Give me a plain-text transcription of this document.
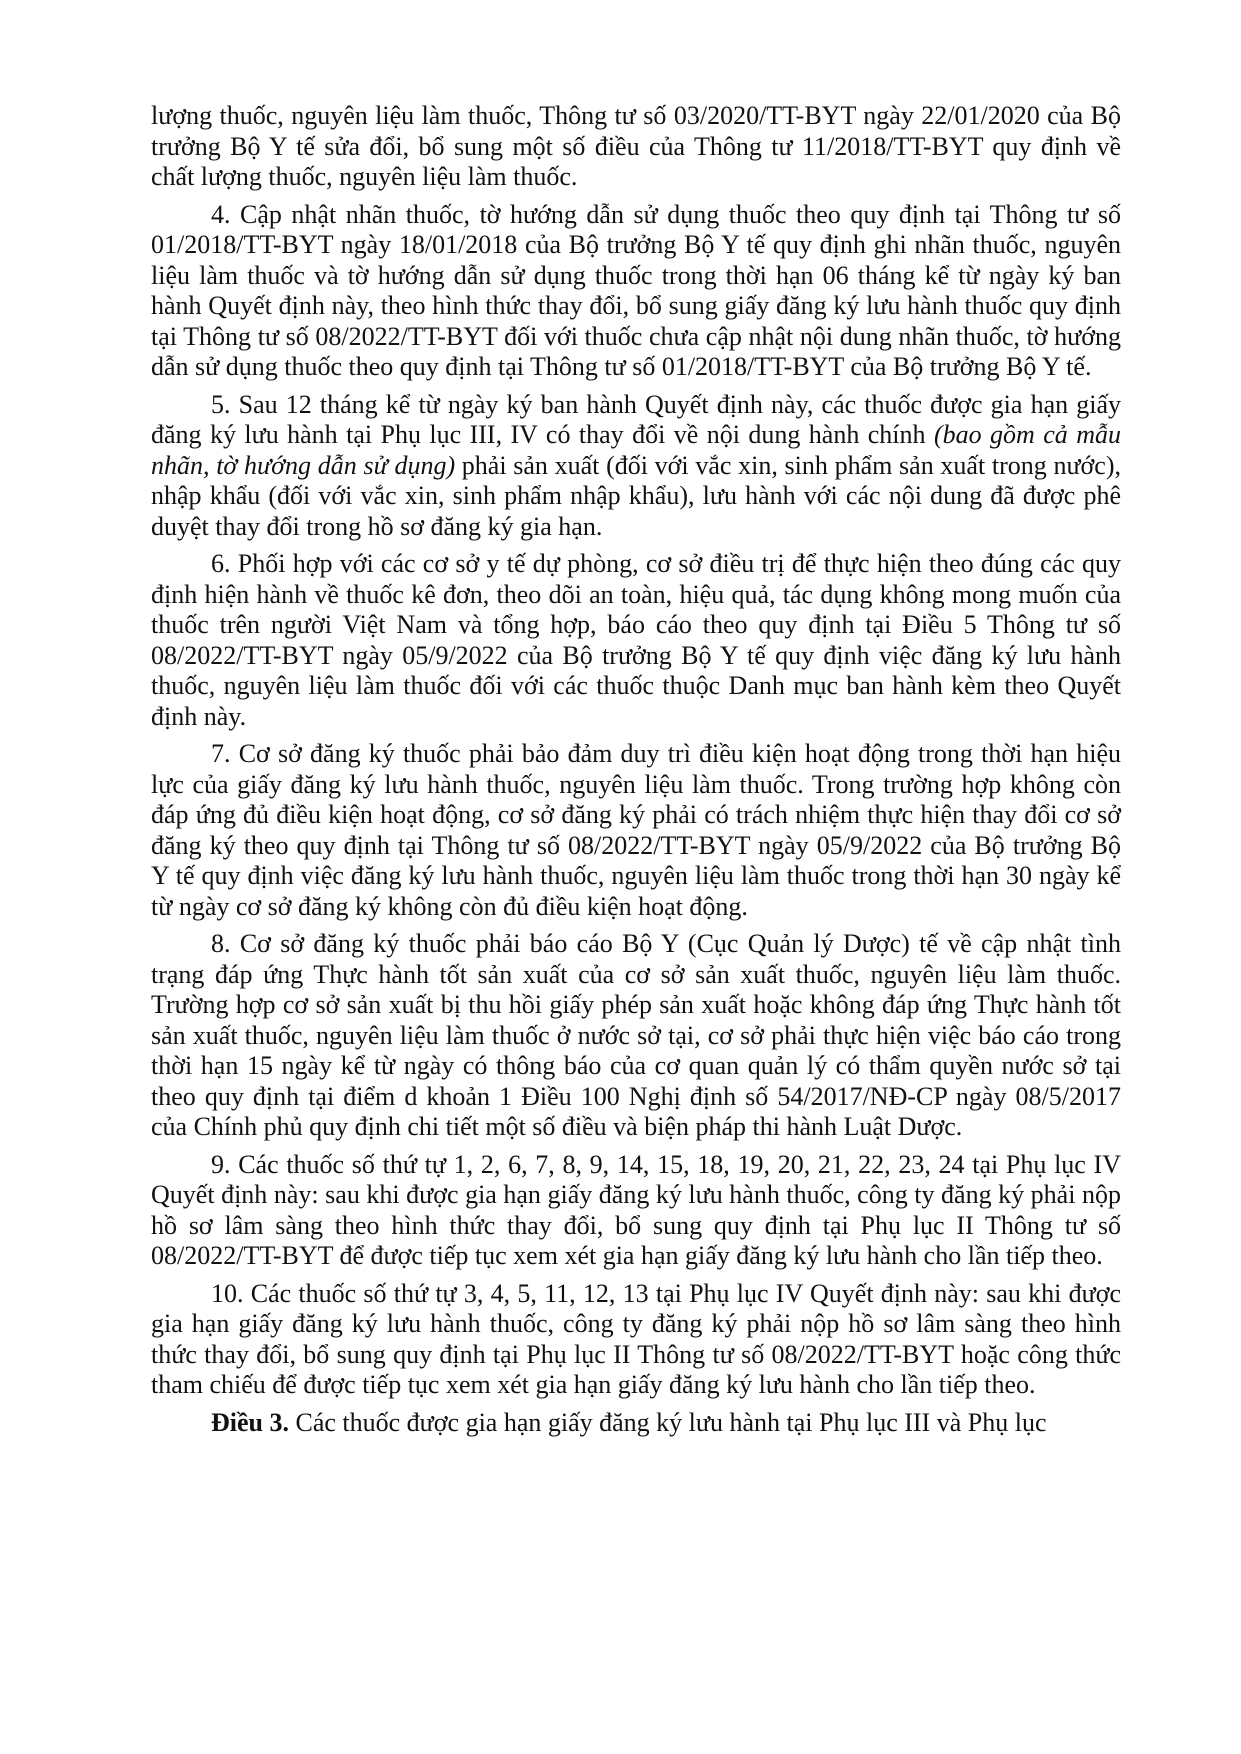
lượng thuốc, nguyên liệu làm thuốc, Thông tư số 03/2020/TT-BYT ngày 22/01/2020 của Bộ trưởng Bộ Y tế sửa đổi, bổ sung một số điều của Thông tư 11/2018/TT-BYT quy định về chất lượng thuốc, nguyên liệu làm thuốc.

4. Cập nhật nhãn thuốc, tờ hướng dẫn sử dụng thuốc theo quy định tại Thông tư số 01/2018/TT-BYT ngày 18/01/2018 của Bộ trưởng Bộ Y tế quy định ghi nhãn thuốc, nguyên liệu làm thuốc và tờ hướng dẫn sử dụng thuốc trong thời hạn 06 tháng kể từ ngày ký ban hành Quyết định này, theo hình thức thay đổi, bổ sung giấy đăng ký lưu hành thuốc quy định tại Thông tư số 08/2022/TT-BYT đối với thuốc chưa cập nhật nội dung nhãn thuốc, tờ hướng dẫn sử dụng thuốc theo quy định tại Thông tư số 01/2018/TT-BYT của Bộ trưởng Bộ Y tế.

5. Sau 12 tháng kể từ ngày ký ban hành Quyết định này, các thuốc được gia hạn giấy đăng ký lưu hành tại Phụ lục III, IV có thay đổi về nội dung hành chính (bao gồm cả mẫu nhãn, tờ hướng dẫn sử dụng) phải sản xuất (đối với vắc xin, sinh phẩm sản xuất trong nước), nhập khẩu (đối với vắc xin, sinh phẩm nhập khẩu), lưu hành với các nội dung đã được phê duyệt thay đổi trong hồ sơ đăng ký gia hạn.

6. Phối hợp với các cơ sở y tế dự phòng, cơ sở điều trị để thực hiện theo đúng các quy định hiện hành về thuốc kê đơn, theo dõi an toàn, hiệu quả, tác dụng không mong muốn của thuốc trên người Việt Nam và tổng hợp, báo cáo theo quy định tại Điều 5 Thông tư số 08/2022/TT-BYT ngày 05/9/2022 của Bộ trưởng Bộ Y tế quy định việc đăng ký lưu hành thuốc, nguyên liệu làm thuốc đối với các thuốc thuộc Danh mục ban hành kèm theo Quyết định này.

7. Cơ sở đăng ký thuốc phải bảo đảm duy trì điều kiện hoạt động trong thời hạn hiệu lực của giấy đăng ký lưu hành thuốc, nguyên liệu làm thuốc. Trong trường hợp không còn đáp ứng đủ điều kiện hoạt động, cơ sở đăng ký phải có trách nhiệm thực hiện thay đổi cơ sở đăng ký theo quy định tại Thông tư số 08/2022/TT-BYT ngày 05/9/2022 của Bộ trưởng Bộ Y tế quy định việc đăng ký lưu hành thuốc, nguyên liệu làm thuốc trong thời hạn 30 ngày kể từ ngày cơ sở đăng ký không còn đủ điều kiện hoạt động.

8. Cơ sở đăng ký thuốc phải báo cáo Bộ Y (Cục Quản lý Dược) tế về cập nhật tình trạng đáp ứng Thực hành tốt sản xuất của cơ sở sản xuất thuốc, nguyên liệu làm thuốc. Trường hợp cơ sở sản xuất bị thu hồi giấy phép sản xuất hoặc không đáp ứng Thực hành tốt sản xuất thuốc, nguyên liệu làm thuốc ở nước sở tại, cơ sở phải thực hiện việc báo cáo trong thời hạn 15 ngày kể từ ngày có thông báo của cơ quan quản lý có thẩm quyền nước sở tại theo quy định tại điểm d khoản 1 Điều 100 Nghị định số 54/2017/NĐ-CP ngày 08/5/2017 của Chính phủ quy định chi tiết một số điều và biện pháp thi hành Luật Dược.

9. Các thuốc số thứ tự 1, 2, 6, 7, 8, 9, 14, 15, 18, 19, 20, 21, 22, 23, 24 tại Phụ lục IV Quyết định này: sau khi được gia hạn giấy đăng ký lưu hành thuốc, công ty đăng ký phải nộp hồ sơ lâm sàng theo hình thức thay đổi, bổ sung quy định tại Phụ lục II Thông tư số 08/2022/TT-BYT để được tiếp tục xem xét gia hạn giấy đăng ký lưu hành cho lần tiếp theo.

10. Các thuốc số thứ tự 3, 4, 5, 11, 12, 13 tại Phụ lục IV Quyết định này: sau khi được gia hạn giấy đăng ký lưu hành thuốc, công ty đăng ký phải nộp hồ sơ lâm sàng theo hình thức thay đổi, bổ sung quy định tại Phụ lục II Thông tư số 08/2022/TT-BYT hoặc công thức tham chiếu để được tiếp tục xem xét gia hạn giấy đăng ký lưu hành cho lần tiếp theo.

Điều 3. Các thuốc được gia hạn giấy đăng ký lưu hành tại Phụ lục III và Phụ lục
